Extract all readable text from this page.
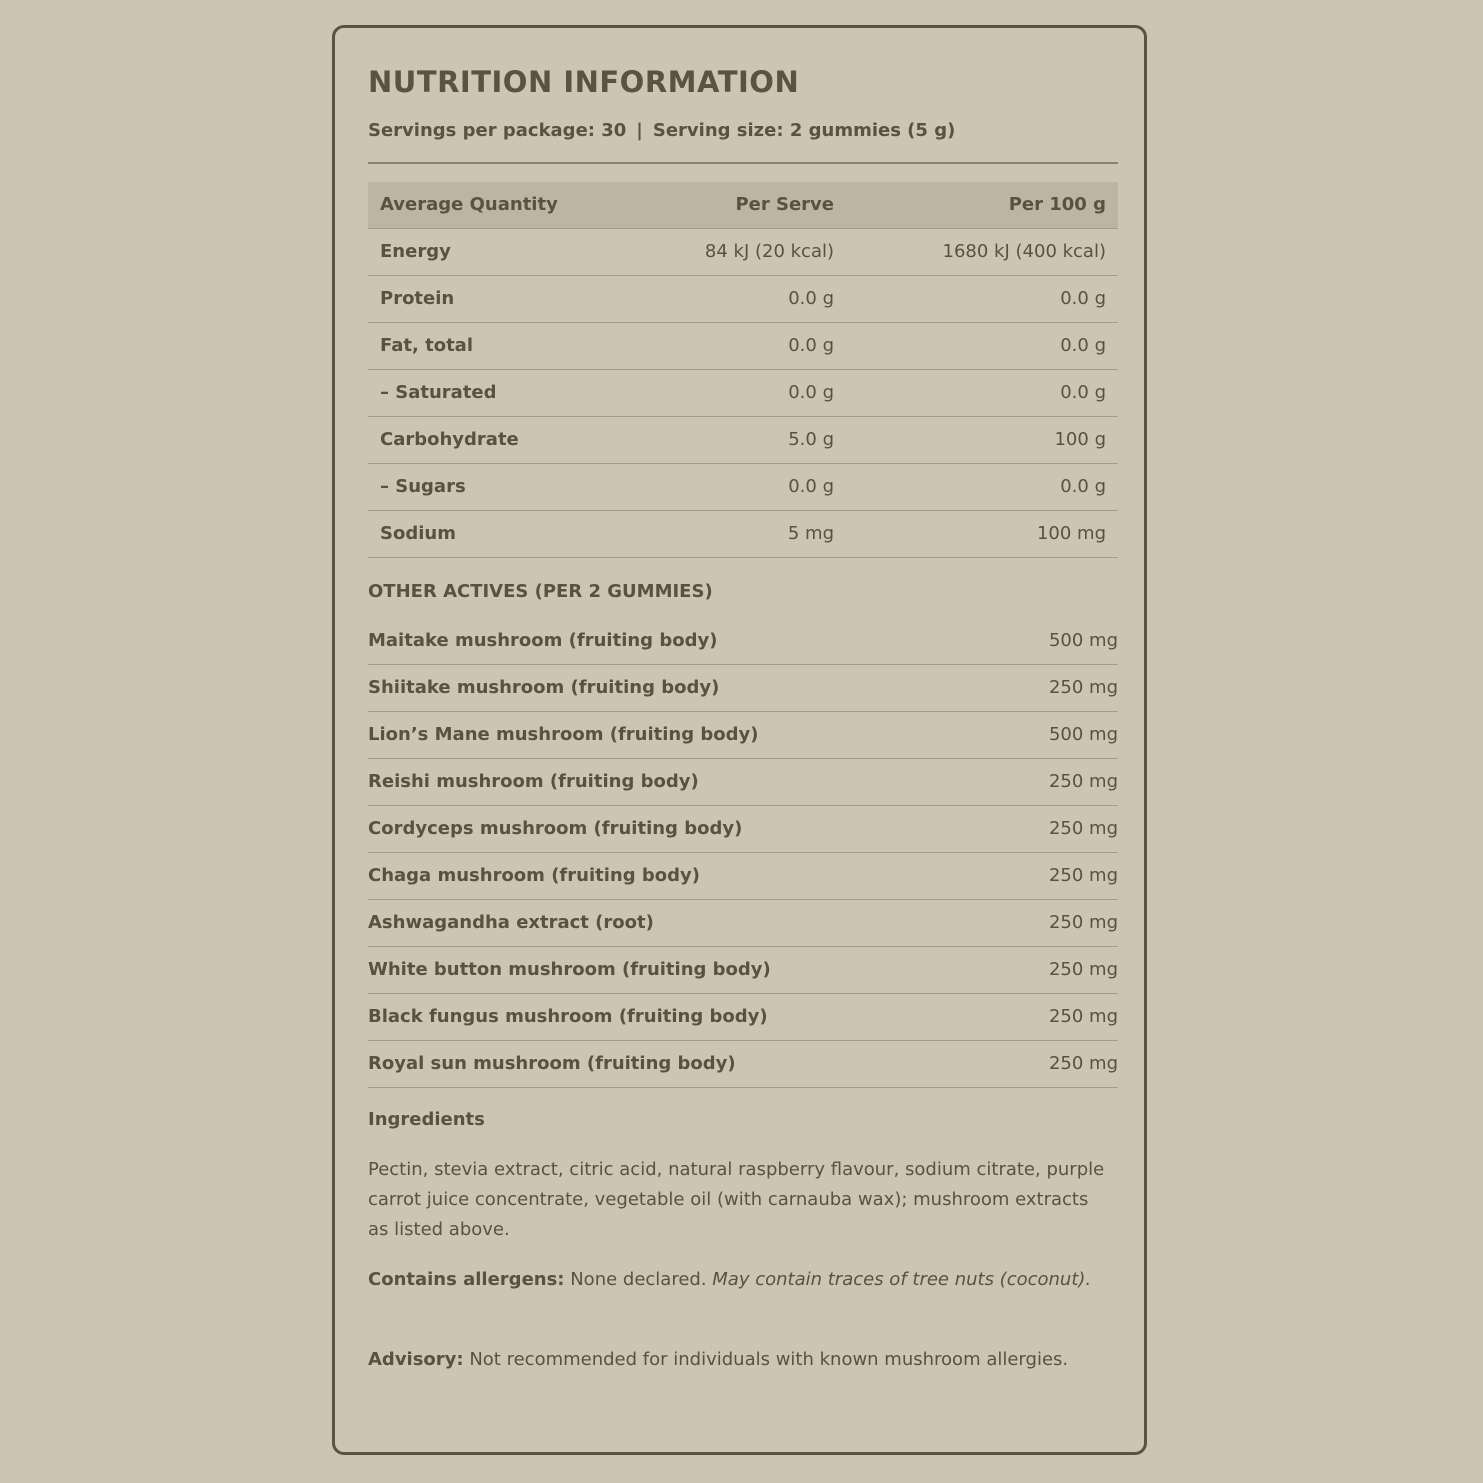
NUTRITION INFORMATION
Servings per package: 30 | Serving size: 2 gummies (5 g)
Average Quantity	Per Serve	Per 100 g
Energy	84 kJ (20 kcal)	1680 kJ (400 kcal)
Protein	0.0 g	0.0 g
Fat, total	0.0 g	0.0 g
– Saturated	0.0 g	0.0 g
Carbohydrate	5.0 g	100 g
– Sugars	0.0 g	0.0 g
Sodium	5 mg	100 mg
OTHER ACTIVES (PER 2 GUMMIES)
Maitake mushroom (fruiting body)	500 mg
Shiitake mushroom (fruiting body)	250 mg
Lion’s Mane mushroom (fruiting body)	500 mg
Reishi mushroom (fruiting body)	250 mg
Cordyceps mushroom (fruiting body)	250 mg
Chaga mushroom (fruiting body)	250 mg
Ashwagandha extract (root)	250 mg
White button mushroom (fruiting body)	250 mg
Black fungus mushroom (fruiting body)	250 mg
Royal sun mushroom (fruiting body)	250 mg
Ingredients
Pectin, stevia extract, citric acid, natural raspberry flavour, sodium citrate, purple carrot juice concentrate, vegetable oil (with carnauba wax); mushroom extracts as listed above.
Contains allergens: None declared. May contain traces of tree nuts (coconut).
Advisory: Not recommended for individuals with known mushroom allergies.
